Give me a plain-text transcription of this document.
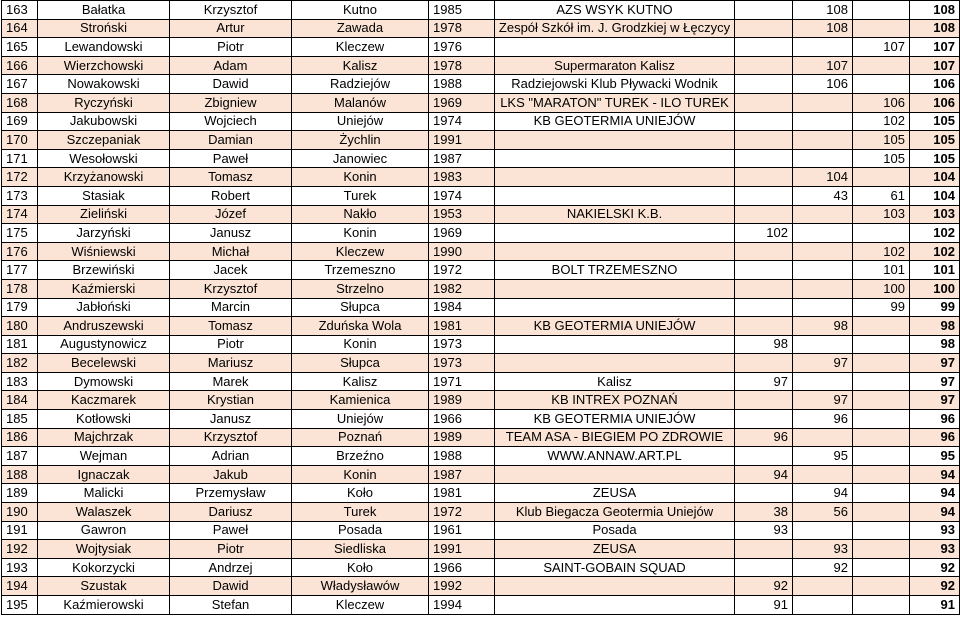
163	Bałatka	Krzysztof	Kutno	1985	AZS WSYK KUTNO		108		108
164	Stroński	Artur	Zawada	1978	Zespół Szkół im. J. Grodzkiej w Łęczycy		108		108
165	Lewandowski	Piotr	Kleczew	1976				107	107
166	Wierzchowski	Adam	Kalisz	1978	Supermaraton Kalisz		107		107
167	Nowakowski	Dawid	Radziejów	1988	Radziejowski Klub Pływacki Wodnik		106		106
168	Ryczyński	Zbigniew	Malanów	1969	LKS "MARATON" TUREK - ILO TUREK			106	106
169	Jakubowski	Wojciech	Uniejów	1974	KB GEOTERMIA UNIEJÓW			102	105
170	Szczepaniak	Damian	Żychlin	1991				105	105
171	Wesołowski	Paweł	Janowiec	1987				105	105
172	Krzyżanowski	Tomasz	Konin	1983			104		104
173	Stasiak	Robert	Turek	1974			43	61	104
174	Zieliński	Józef	Nakło	1953	NAKIELSKI K.B.			103	103
175	Jarzyński	Janusz	Konin	1969		102			102
176	Wiśniewski	Michał	Kleczew	1990				102	102
177	Brzewiński	Jacek	Trzemeszno	1972	BOLT TRZEMESZNO			101	101
178	Kaźmierski	Krzysztof	Strzelno	1982				100	100
179	Jabłoński	Marcin	Słupca	1984				99	99
180	Andruszewski	Tomasz	Zduńska Wola	1981	KB GEOTERMIA UNIEJÓW		98		98
181	Augustynowicz	Piotr	Konin	1973		98			98
182	Becelewski	Mariusz	Słupca	1973			97		97
183	Dymowski	Marek	Kalisz	1971	Kalisz	97			97
184	Kaczmarek	Krystian	Kamienica	1989	KB INTREX POZNAŃ		97		97
185	Kotłowski	Janusz	Uniejów	1966	KB GEOTERMIA UNIEJÓW		96		96
186	Majchrzak	Krzysztof	Poznań	1989	TEAM ASA - BIEGIEM PO ZDROWIE	96			96
187	Wejman	Adrian	Brzeźno	1988	WWW.ANNAW.ART.PL		95		95
188	Ignaczak	Jakub	Konin	1987		94			94
189	Malicki	Przemysław	Koło	1981	ZEUSA		94		94
190	Walaszek	Dariusz	Turek	1972	Klub Biegacza Geotermia Uniejów	38	56		94
191	Gawron	Paweł	Posada	1961	Posada	93			93
192	Wojtysiak	Piotr	Siedliska	1991	ZEUSA		93		93
193	Kokorzycki	Andrzej	Koło	1966	SAINT-GOBAIN SQUAD		92		92
194	Szustak	Dawid	Władysławów	1992		92			92
195	Kaźmierowski	Stefan	Kleczew	1994		91			91
